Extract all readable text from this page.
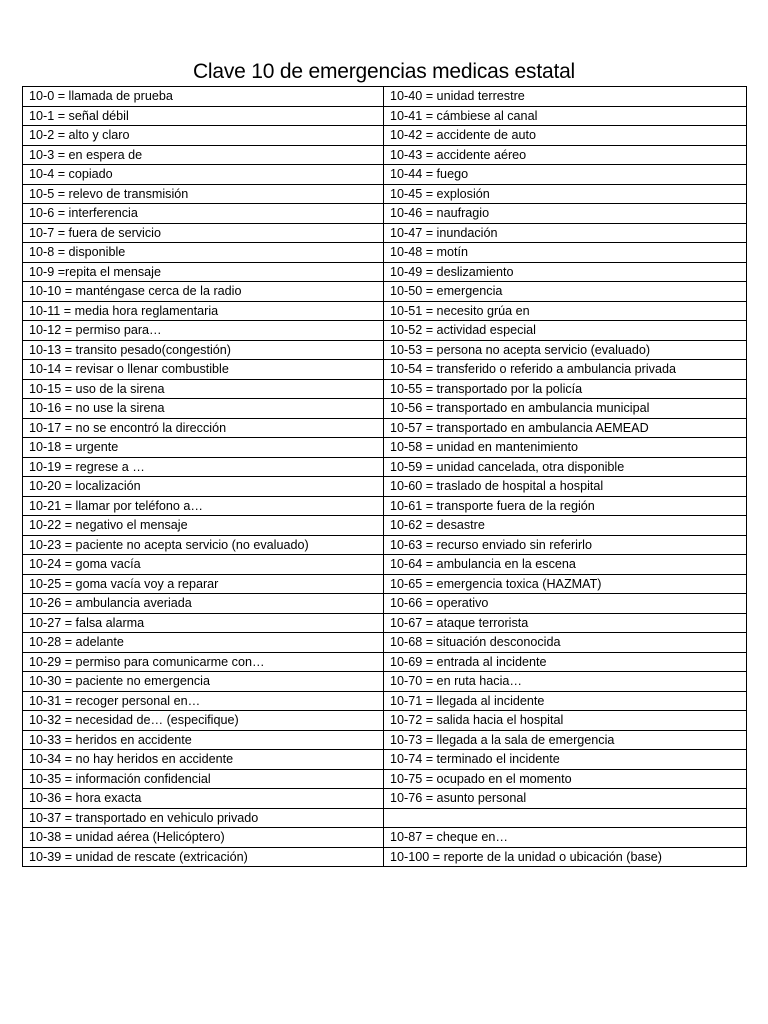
Clave 10 de emergencias medicas estatal
10-0 = llamada de prueba	10-40 = unidad terrestre
10-1 = señal débil	10-41 = cámbiese al canal
10-2 = alto y claro	10-42 = accidente de auto
10-3 = en espera de	10-43 = accidente aéreo
10-4 = copiado	10-44 = fuego
10-5 = relevo de transmisión	10-45 = explosión
10-6 = interferencia	10-46 = naufragio
10-7 = fuera de servicio	10-47 = inundación
10-8 = disponible	10-48 = motín
10-9 =repita el mensaje	10-49 = deslizamiento
10-10 = manténgase cerca de la radio	10-50 = emergencia
10-11 = media hora reglamentaria	10-51 = necesito grúa en
10-12 = permiso para…	10-52 = actividad especial
10-13 = transito pesado(congestión)	10-53 = persona no acepta servicio (evaluado)
10-14 = revisar o llenar combustible	10-54 = transferido o referido a ambulancia privada
10-15 = uso de la sirena	10-55 = transportado por la policía
10-16 = no use la sirena	10-56 = transportado en ambulancia municipal
10-17 = no se encontró la dirección	10-57 = transportado en ambulancia AEMEAD
10-18 = urgente	10-58 = unidad en mantenimiento
10-19 = regrese a …	10-59 = unidad cancelada, otra disponible
10-20 = localización	10-60 = traslado de hospital a hospital
10-21 = llamar por teléfono a…	10-61 = transporte fuera de la región
10-22 = negativo el mensaje	10-62 = desastre
10-23 = paciente no acepta servicio (no evaluado)	10-63 = recurso enviado sin referirlo
10-24 = goma vacía	10-64 = ambulancia en la escena
10-25 = goma vacía voy a reparar	10-65 = emergencia toxica (HAZMAT)
10-26 = ambulancia averiada	10-66 = operativo
10-27 = falsa alarma	10-67 = ataque terrorista
10-28 = adelante	10-68 = situación desconocida
10-29 = permiso para comunicarme con…	10-69 = entrada al incidente
10-30 = paciente no emergencia	10-70 = en ruta hacia…
10-31 = recoger personal en…	10-71 = llegada al incidente
10-32 = necesidad de… (especifique)	10-72 = salida hacia el hospital
10-33 = heridos en accidente	10-73 = llegada a la sala de emergencia
10-34 = no hay heridos en accidente	10-74 = terminado el incidente
10-35 = información confidencial	10-75 = ocupado en el momento
10-36 = hora exacta	10-76 = asunto personal
10-37 = transportado en vehiculo privado	
10-38 = unidad aérea (Helicóptero)	10-87 = cheque en…
10-39 = unidad de rescate (extricación)	10-100 = reporte de la unidad o ubicación (base)
